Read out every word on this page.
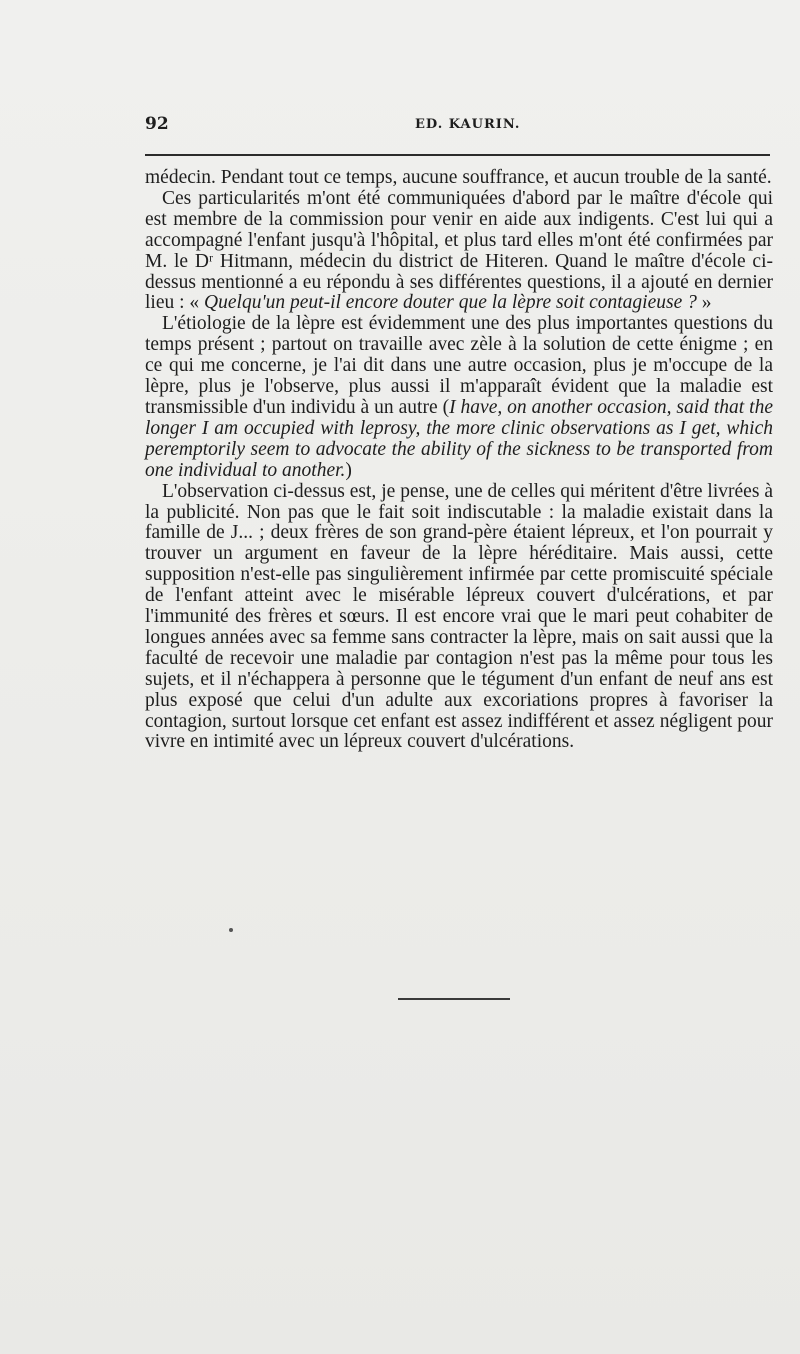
92	ED. KAURIN.

médecin. Pendant tout ce temps, aucune souffrance, et aucun trouble de la santé.

Ces particularités m'ont été communiquées d'abord par le maître d'école qui est membre de la commission pour venir en aide aux indigents. C'est lui qui a accompagné l'enfant jusqu'à l'hôpital, et plus tard elles m'ont été confirmées par M. le Dʳ Hitmann, médecin du district de Hiteren. Quand le maître d'école ci-dessus mentionné a eu répondu à ses différentes questions, il a ajouté en dernier lieu : « Quelqu'un peut-il encore douter que la lèpre soit contagieuse ? »

L'étiologie de la lèpre est évidemment une des plus importantes questions du temps présent ; partout on travaille avec zèle à la solution de cette énigme ; en ce qui me concerne, je l'ai dit dans une autre occasion, plus je m'occupe de la lèpre, plus je l'observe, plus aussi il m'apparaît évident que la maladie est transmissible d'un individu à un autre (I have, on another occasion, said that the longer I am occupied with leprosy, the more clinic observations as I get, which peremptorily seem to advocate the ability of the sickness to be transported from one individual to another.)

L'observation ci-dessus est, je pense, une de celles qui méritent d'être livrées à la publicité. Non pas que le fait soit indiscutable : la maladie existait dans la famille de J... ; deux frères de son grand-père étaient lépreux, et l'on pourrait y trouver un argument en faveur de la lèpre héréditaire. Mais aussi, cette supposition n'est-elle pas singulièrement infirmée par cette promiscuité spéciale de l'enfant atteint avec le misérable lépreux couvert d'ulcérations, et par l'immunité des frères et sœurs. Il est encore vrai que le mari peut cohabiter de longues années avec sa femme sans contracter la lèpre, mais on sait aussi que la faculté de recevoir une maladie par contagion n'est pas la même pour tous les sujets, et il n'échappera à personne que le tégument d'un enfant de neuf ans est plus exposé que celui d'un adulte aux excoriations propres à favoriser la contagion, surtout lorsque cet enfant est assez indifférent et assez négligent pour vivre en intimité avec un lépreux couvert d'ulcérations.
